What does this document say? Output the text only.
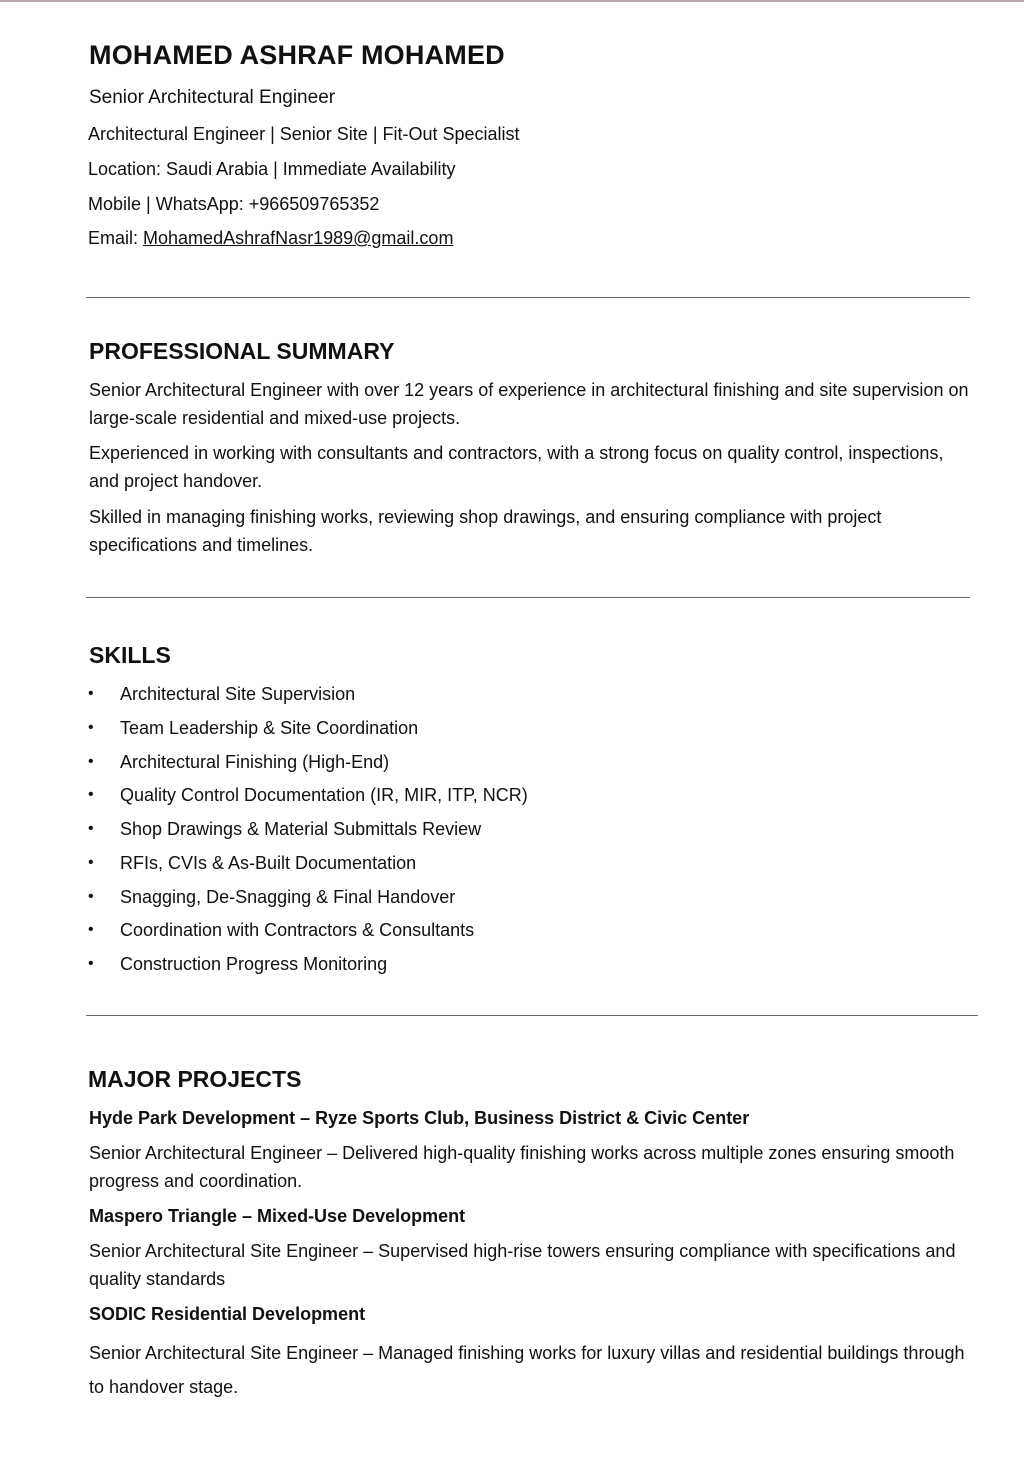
MOHAMED ASHRAF MOHAMED

Senior Architectural Engineer

Architectural Engineer | Senior Site | Fit-Out Specialist

Location: Saudi Arabia | Immediate Availability

Mobile | WhatsApp: +966509765352

Email: MohamedAshrafNasr1989@gmail.com

PROFESSIONAL SUMMARY

Senior Architectural Engineer with over 12 years of experience in architectural finishing and site supervision on large-scale residential and mixed-use projects.

Experienced in working with consultants and contractors, with a strong focus on quality control, inspections, and project handover.

Skilled in managing finishing works, reviewing shop drawings, and ensuring compliance with project specifications and timelines.

SKILLS
• Architectural Site Supervision
• Team Leadership & Site Coordination
• Architectural Finishing (High-End)
• Quality Control Documentation (IR, MIR, ITP, NCR)
• Shop Drawings & Material Submittals Review
• RFIs, CVIs & As-Built Documentation
• Snagging, De-Snagging & Final Handover
• Coordination with Contractors & Consultants
• Construction Progress Monitoring
MAJOR PROJECTS
Hyde Park Development – Ryze Sports Club, Business District & Civic Center

Senior Architectural Engineer – Delivered high-quality finishing works across multiple zones ensuring smooth progress and coordination.

Maspero Triangle – Mixed-Use Development

Senior Architectural Site Engineer – Supervised high-rise towers ensuring compliance with specifications and quality standards

SODIC Residential Development

Senior Architectural Site Engineer – Managed finishing works for luxury villas and residential buildings through to handover stage.
